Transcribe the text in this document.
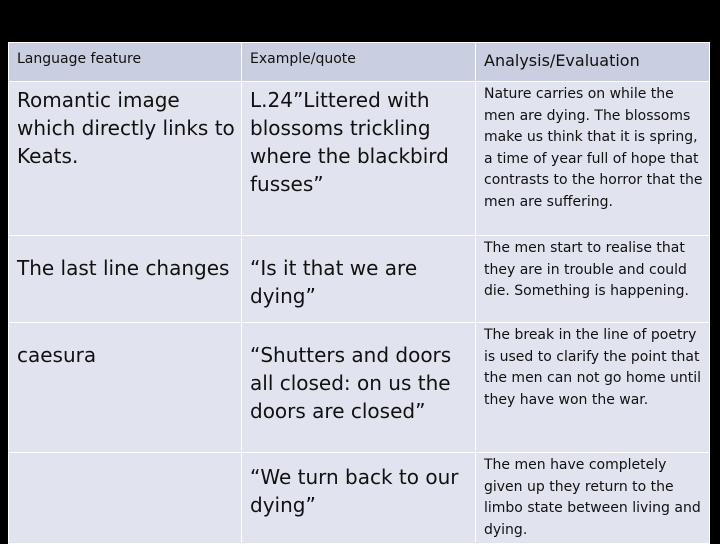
Language feature	Example/quote	Analysis/Evaluation

Romantic image which directly links to Keats.	L.24”Littered with blossoms trickling where the blackbird fusses”	Nature carries on while the men are dying. The blossoms make us think that it is spring, a time of year full of hope that contrasts to the horror that the men are suffering.

The last line changes	“Is it that we are dying”	The men start to realise that they are in trouble and could die. Something is happening.

caesura	“Shutters and doors all closed: on us the doors are closed”	The break in the line of poetry is used to clarify the point that the men can not go home until they have won the war.

	“We turn back to our dying”	The men have completely given up they return to the limbo state between living and dying.
